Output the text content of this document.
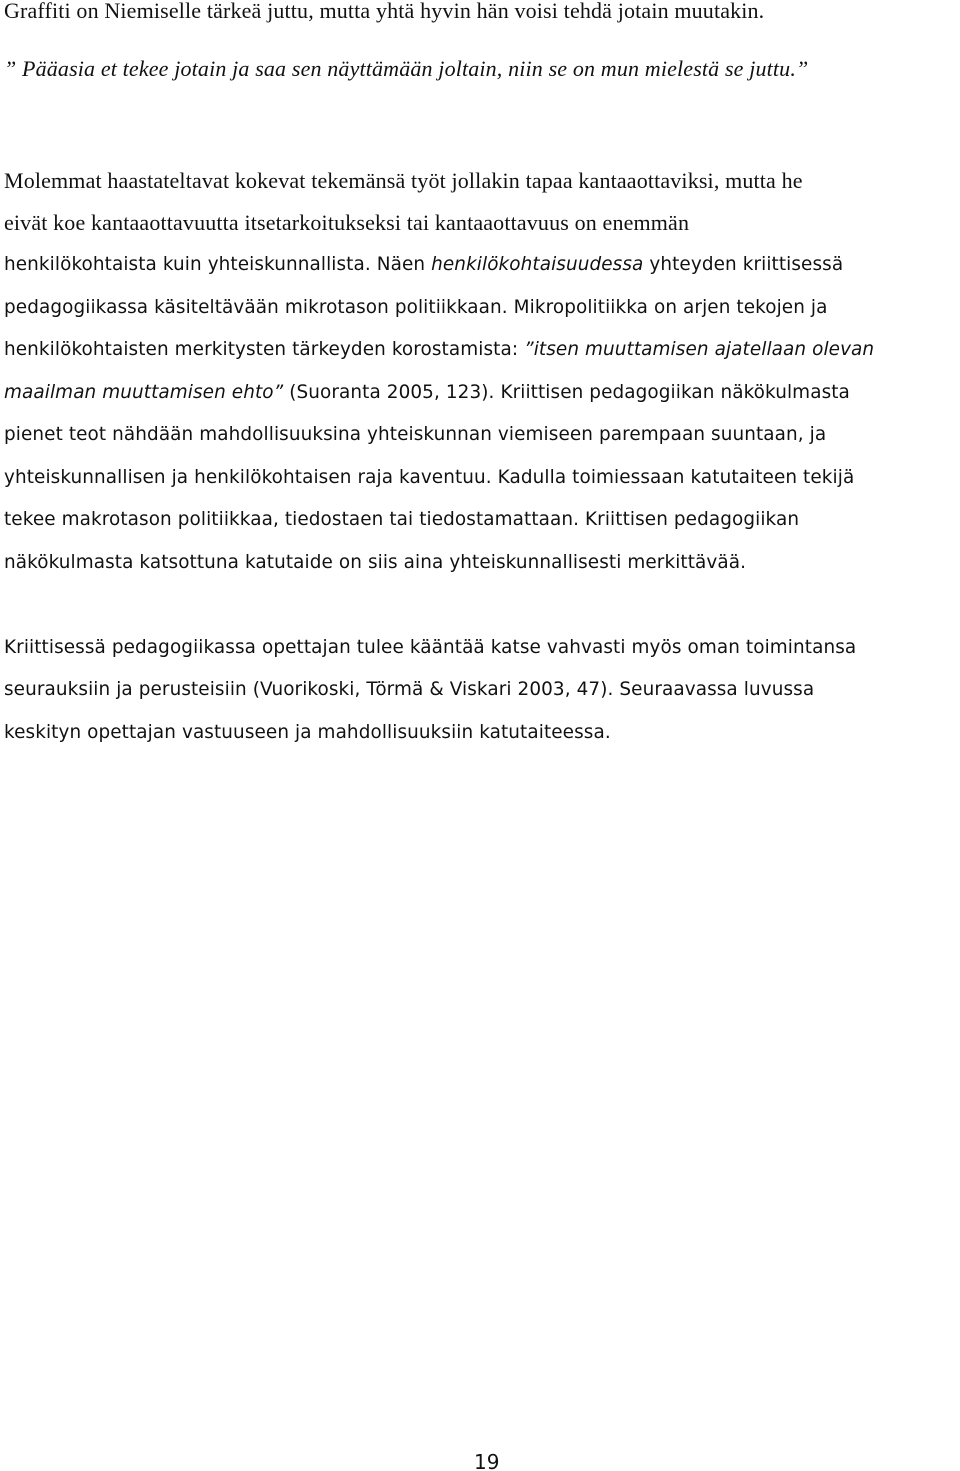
Graffiti on Niemiselle tärkeä juttu, mutta yhtä hyvin hän voisi tehdä jotain muutakin.
” Pääasia et tekee jotain ja saa sen näyttämään joltain, niin se on mun mielestä se juttu.”
Molemmat haastateltavat kokevat tekemänsä työt jollakin tapaa kantaaottaviksi, mutta he
eivät koe kantaaottavuutta itsetarkoitukseksi tai kantaaottavuus on enemmän
henkilökohtaista kuin yhteiskunnallista. Näen henkilökohtaisuudessa yhteyden kriittisessä
pedagogiikassa käsiteltävään mikrotason politiikkaan. Mikropolitiikka on arjen tekojen ja
henkilökohtaisten merkitysten tärkeyden korostamista: ”itsen muuttamisen ajatellaan olevan
maailman muuttamisen ehto” (Suoranta 2005, 123). Kriittisen pedagogiikan näkökulmasta
pienet teot nähdään mahdollisuuksina yhteiskunnan viemiseen parempaan suuntaan, ja
yhteiskunnallisen ja henkilökohtaisen raja kaventuu. Kadulla toimiessaan katutaiteen tekijä
tekee makrotason politiikkaa, tiedostaen tai tiedostamattaan. Kriittisen pedagogiikan
näkökulmasta katsottuna katutaide on siis aina yhteiskunnallisesti merkittävää.
Kriittisessä pedagogiikassa opettajan tulee kääntää katse vahvasti myös oman toimintansa
seurauksiin ja perusteisiin (Vuorikoski, Törmä & Viskari 2003, 47). Seuraavassa luvussa
keskityn opettajan vastuuseen ja mahdollisuuksiin katutaiteessa.
19
